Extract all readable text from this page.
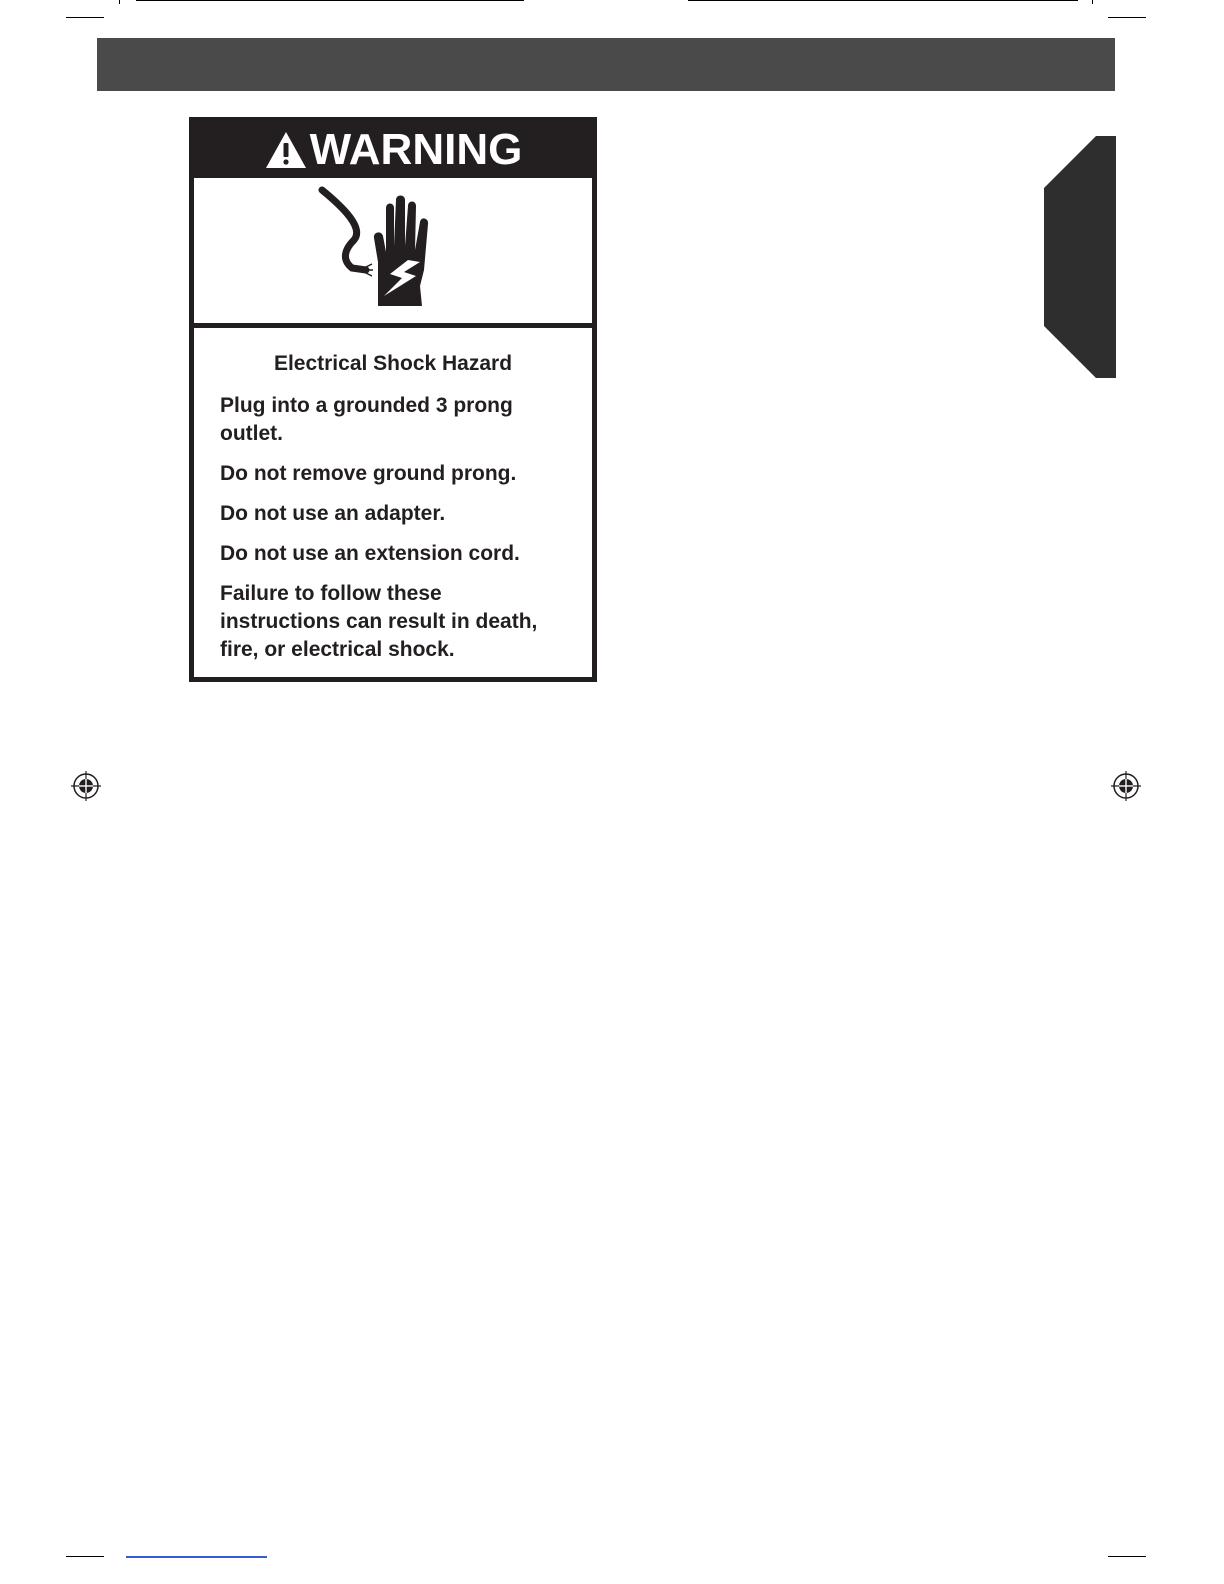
WARNING
Electrical Shock Hazard
Plug into a grounded 3 prong
outlet.
Do not remove ground prong.
Do not use an adapter.
Do not use an extension cord.
Failure to follow these
instructions can result in death,
fire, or electrical shock.
